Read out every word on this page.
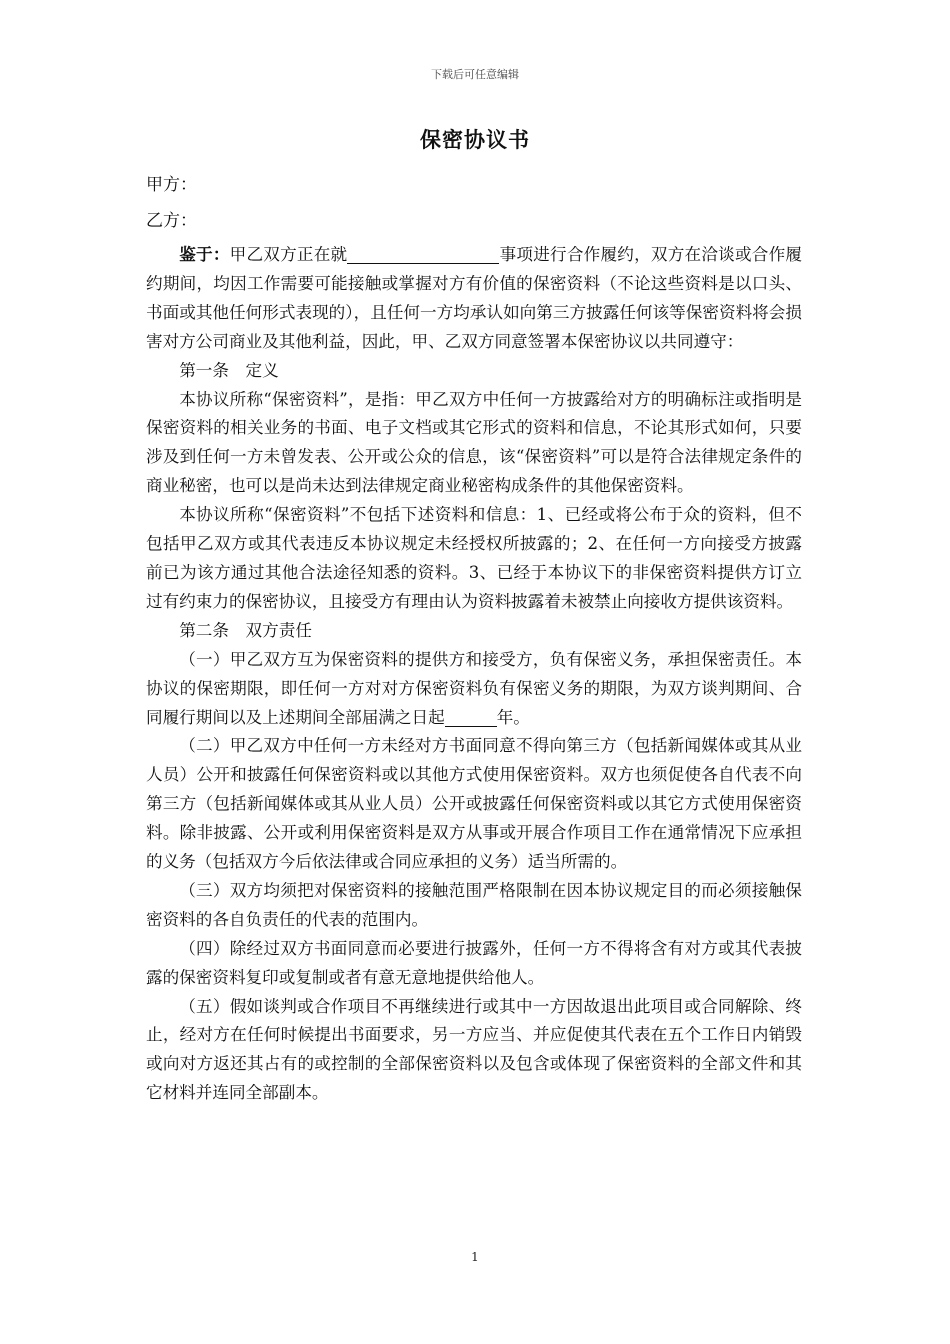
下载后可任意编辑
保密协议书
甲方：
乙方：

鉴于：甲乙双方正在就	事项进行合作履约，双方在洽谈或合作履约期间，均因工作需要可能接触或掌握对方有价值的保密资料（不论这些资料是以口头、书面或其他任何形式表现的），且任何一方均承认如向第三方披露任何该等保密资料将会损害对方公司商业及其他利益，因此，甲、乙双方同意签署本保密协议以共同遵守：

第一条　定义

本协议所称“保密资料”，是指：甲乙双方中任何一方披露给对方的明确标注或指明是保密资料的相关业务的书面、电子文档或其它形式的资料和信息，不论其形式如何，只要涉及到任何一方未曾发表、公开或公众的信息，该“保密资料”可以是符合法律规定条件的商业秘密，也可以是尚未达到法律规定商业秘密构成条件的其他保密资料。

本协议所称“保密资料”不包括下述资料和信息：1、已经或将公布于众的资料，但不包括甲乙双方或其代表违反本协议规定未经授权所披露的；2、在任何一方向接受方披露前已为该方通过其他合法途径知悉的资料。3、已经于本协议下的非保密资料提供方订立过有约束力的保密协议，且接受方有理由认为资料披露着未被禁止向接收方提供该资料。

第二条　双方责任

（一）甲乙双方互为保密资料的提供方和接受方，负有保密义务，承担保密责任。本协议的保密期限，即任何一方对对方保密资料负有保密义务的期限，为双方谈判期间、合同履行期间以及上述期间全部届满之日起	年。

（二）甲乙双方中任何一方未经对方书面同意不得向第三方（包括新闻媒体或其从业人员）公开和披露任何保密资料或以其他方式使用保密资料。双方也须促使各自代表不向第三方（包括新闻媒体或其从业人员）公开或披露任何保密资料或以其它方式使用保密资料。除非披露、公开或利用保密资料是双方从事或开展合作项目工作在通常情况下应承担的义务（包括双方今后依法律或合同应承担的义务）适当所需的。

（三）双方均须把对保密资料的接触范围严格限制在因本协议规定目的而必须接触保密资料的各自负责任的代表的范围内。

（四）除经过双方书面同意而必要进行披露外，任何一方不得将含有对方或其代表披露的保密资料复印或复制或者有意无意地提供给他人。

（五）假如谈判或合作项目不再继续进行或其中一方因故退出此项目或合同解除、终止，经对方在任何时候提出书面要求，另一方应当、并应促使其代表在五个工作日内销毁或向对方返还其占有的或控制的全部保密资料以及包含或体现了保密资料的全部文件和其它材料并连同全部副本。

1
